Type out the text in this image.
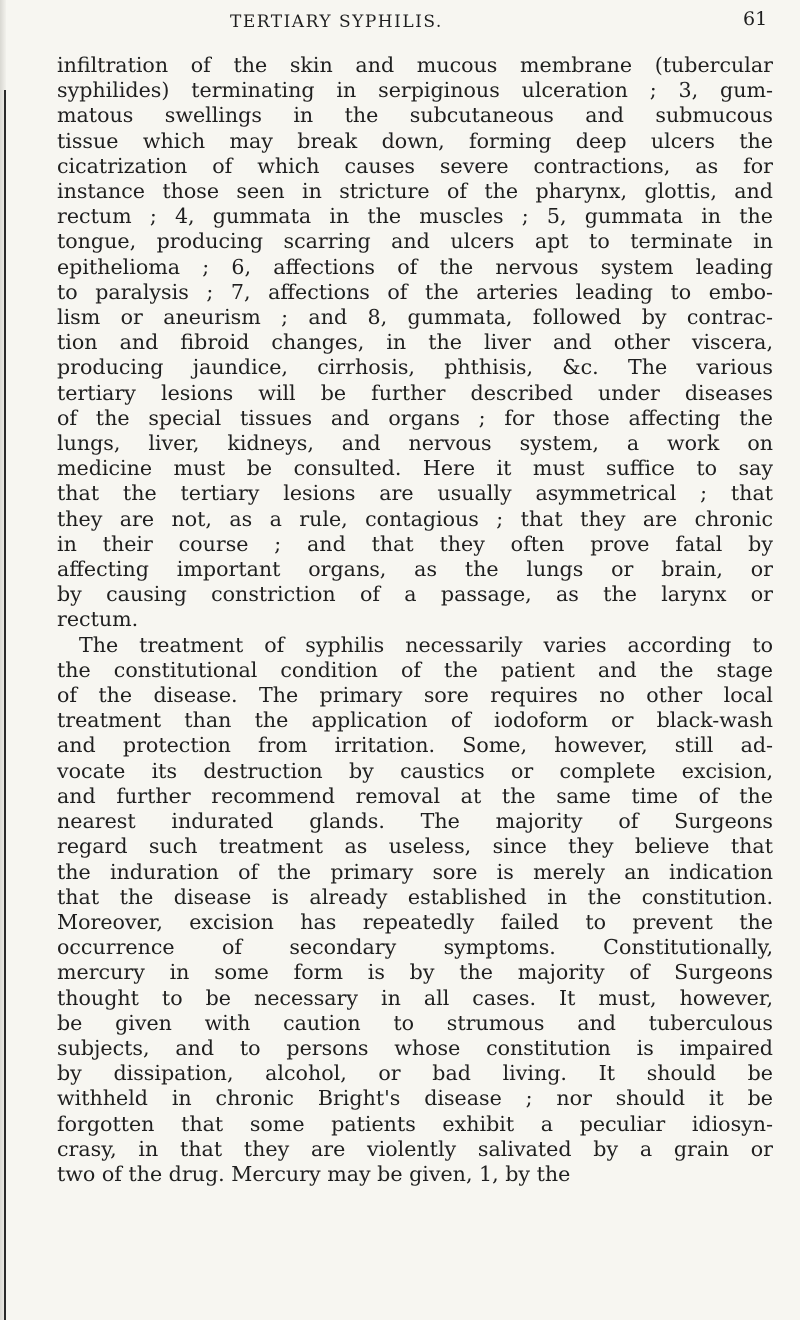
TERTIARY SYPHILIS.	61

infiltration of the skin and mucous membrane (tubercular
syphilides) terminating in serpiginous ulceration ; 3, gum-
matous swellings in the subcutaneous and submucous
tissue which may break down, forming deep ulcers the
cicatrization of which causes severe contractions, as for
instance those seen in stricture of the pharynx, glottis, and
rectum ; 4, gummata in the muscles ; 5, gummata in the
tongue, producing scarring and ulcers apt to terminate in
epithelioma ; 6, affections of the nervous system leading
to paralysis ; 7, affections of the arteries leading to embo-
lism or aneurism ; and 8, gummata, followed by contrac-
tion and fibroid changes, in the liver and other viscera,
producing jaundice, cirrhosis, phthisis, &c. The various
tertiary lesions will be further described under diseases
of the special tissues and organs ; for those affecting the
lungs, liver, kidneys, and nervous system, a work on
medicine must be consulted. Here it must suffice to say
that the tertiary lesions are usually asymmetrical ; that
they are not, as a rule, contagious ; that they are chronic
in their course ; and that they often prove fatal by
affecting important organs, as the lungs or brain, or
by causing constriction of a passage, as the larynx or
rectum.

The treatment of syphilis necessarily varies according to
the constitutional condition of the patient and the stage
of the disease. The primary sore requires no other local
treatment than the application of iodoform or black-wash
and protection from irritation. Some, however, still ad-
vocate its destruction by caustics or complete excision,
and further recommend removal at the same time of the
nearest indurated glands. The majority of Surgeons
regard such treatment as useless, since they believe that
the induration of the primary sore is merely an indication
that the disease is already established in the constitution.
Moreover, excision has repeatedly failed to prevent the
occurrence of secondary symptoms. Constitutionally,
mercury in some form is by the majority of Surgeons
thought to be necessary in all cases. It must, however,
be given with caution to strumous and tuberculous
subjects, and to persons whose constitution is impaired
by dissipation, alcohol, or bad living. It should be
withheld in chronic Bright's disease ; nor should it be
forgotten that some patients exhibit a peculiar idiosyn-
crasy, in that they are violently salivated by a grain or
two of the drug. Mercury may be given, 1, by the
